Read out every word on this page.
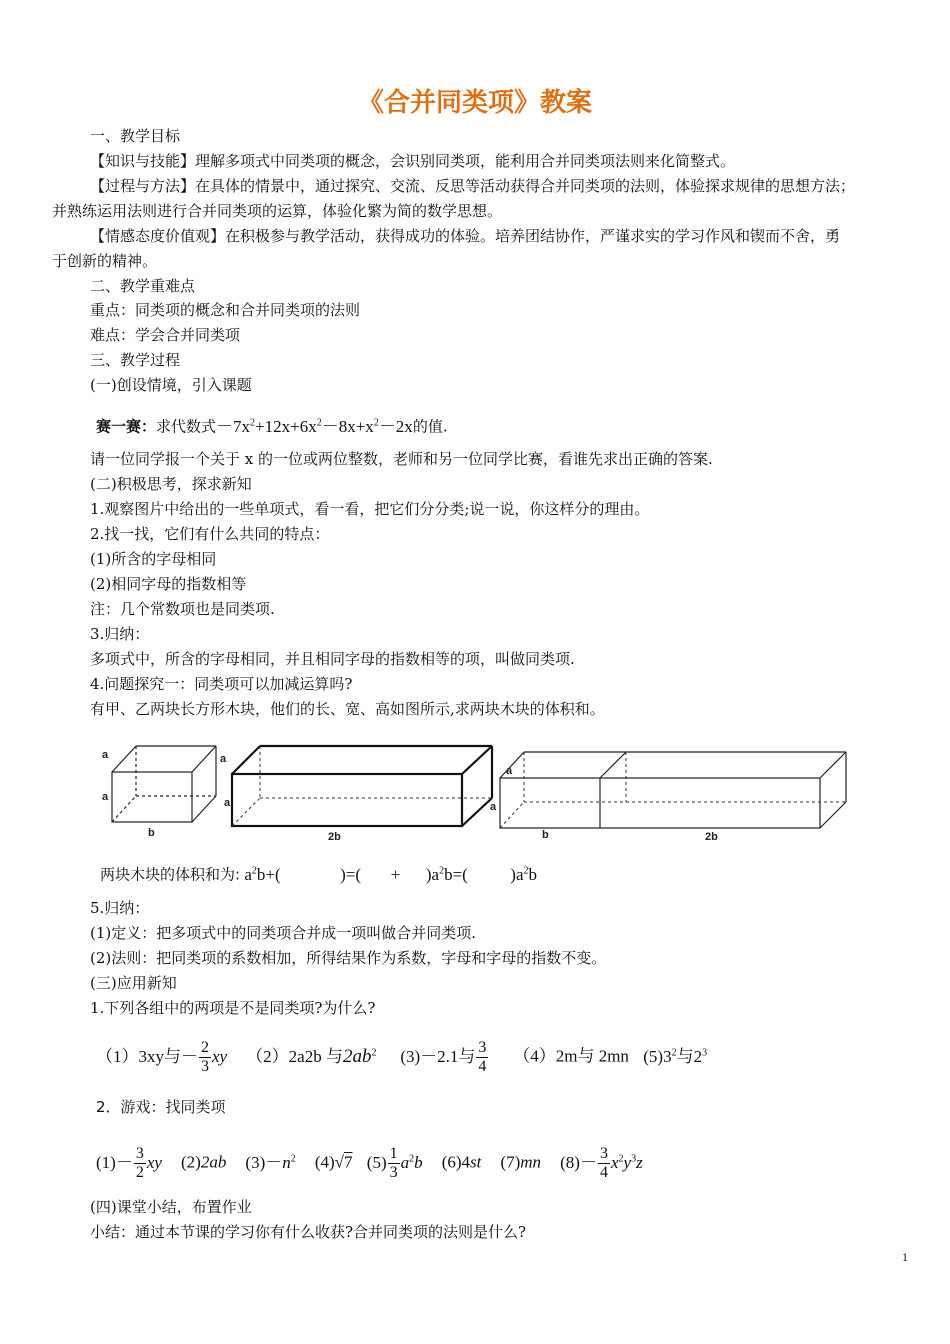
《合并同类项》教案
一、教学目标
【知识与技能】理解多项式中同类项的概念，会识别同类项，能利用合并同类项法则来化简整式。
【过程与方法】在具体的情景中，通过探究、交流、反思等活动获得合并同类项的法则，体验探求规律的思想方法；
并熟练运用法则进行合并同类项的运算，体验化繁为简的数学思想。
【情感态度价值观】在积极参与教学活动，获得成功的体验。培养团结协作，严谨求实的学习作风和锲而不舍，勇
于创新的精神。
二、教学重难点
重点：同类项的概念和合并同类项的法则
难点：学会合并同类项
三、教学过程
(一)创设情境，引入课题
赛一赛：求代数式$-7x^2+12x+6x^2-8x+x^2-2x$的值.
请一位同学报一个关于 x 的一位或两位整数，老师和另一位同学比赛，看谁先求出正确的答案.
(二)积极思考，探求新知
1.观察图片中给出的一些单项式，看一看，把它们分分类;说一说，你这样分的理由。
2.找一找，它们有什么共同的特点：
(1)所含的字母相同
(2)相同字母的指数相等
注：几个常数项也是同类项.
3.归纳：
多项式中，所含的字母相同，并且相同字母的指数相等的项，叫做同类项.
4.问题探究一：同类项可以加减运算吗?
有甲、乙两块长方形木块，他们的长、宽、高如图所示,求两块木块的体积和。
a
a
b
a
a
2b
a
a
b	2b
两块木块的体积和为: $a^2b+$(              )=(       +      )$a^2b=$(          )$a^2b$
5.归纳：
(1)定义：把多项式中的同类项合并成一项叫做合并同类项.
(2)法则：把同类项的系数相加，所得结果作为系数，字母和字母的指数不变。
(三)应用新知
1.下列各组中的两项是不是同类项?为什么?
（1）3xy与－ $\frac{2}{3}$ xy （2）2a2b 与$2ab^2$ (3)－2.1与 $\frac{3}{4} (4)2m$与 2mn $(5)3^2$与$2^3$
2．游戏：找同类项
$(1)- \frac{3}{2}$ xy (2)2ab $(3)-n^2$ (4)√7 $(5) \frac{1}{3} a^2b$ (6)4st (7)mn $(8)- \frac{3}{4} x^2y^3z$
(四)课堂小结，布置作业
小结：通过本节课的学习你有什么收获?合并同类项的法则是什么?
1
